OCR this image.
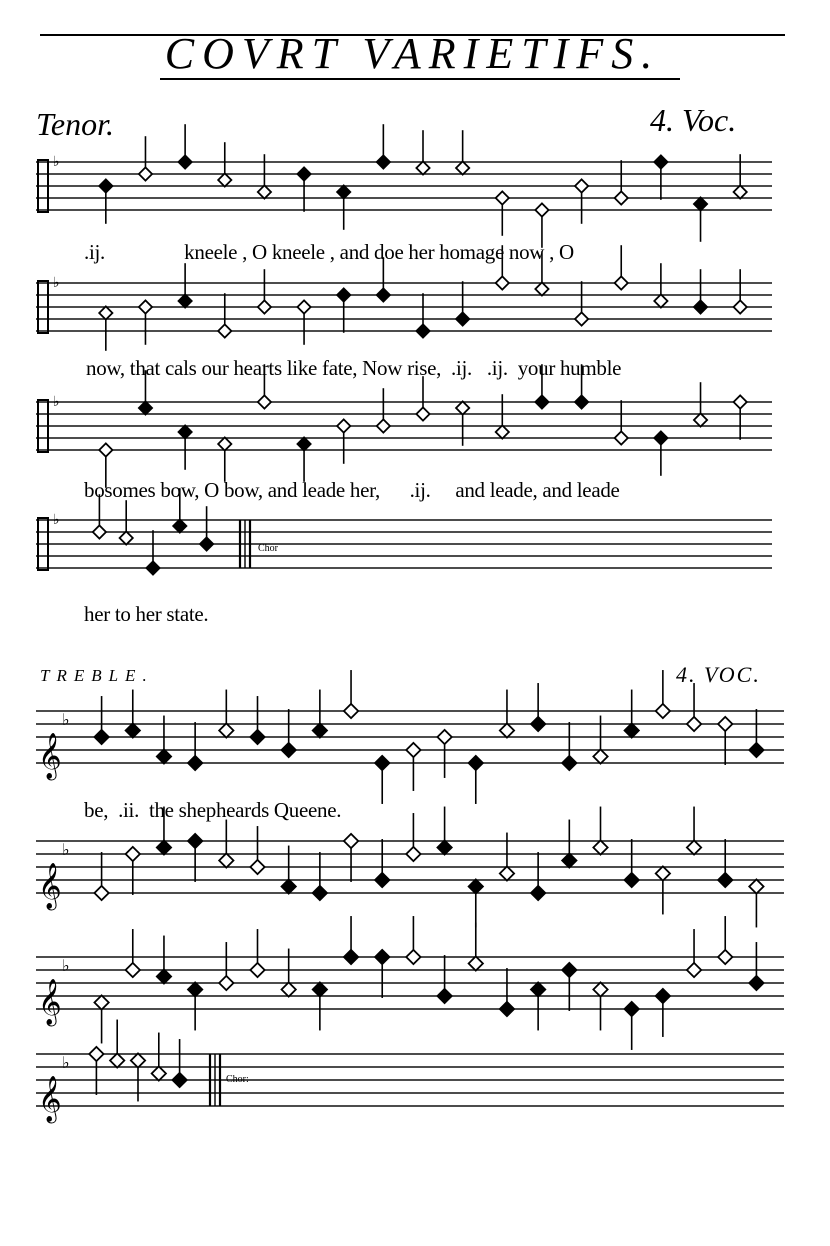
COVRT VARIETIFS.
Tenor.	4. Voc.
♭
♭
♭
♭
𝄞
♭
𝄞
♭
𝄞
♭
𝄞
♭
.ij.                kneele , O kneele , and doe her homage now , O
now, that cals our hearts like fate, Now rise,  .ij.   .ij.  your humble
bosomes bow, O bow, and leade her,      .ij.     and leade, and leade
her to her state.
Chor
TREBLE.	4. VOC.
be,  .ii.  the shepheards Queene.
Chor:
